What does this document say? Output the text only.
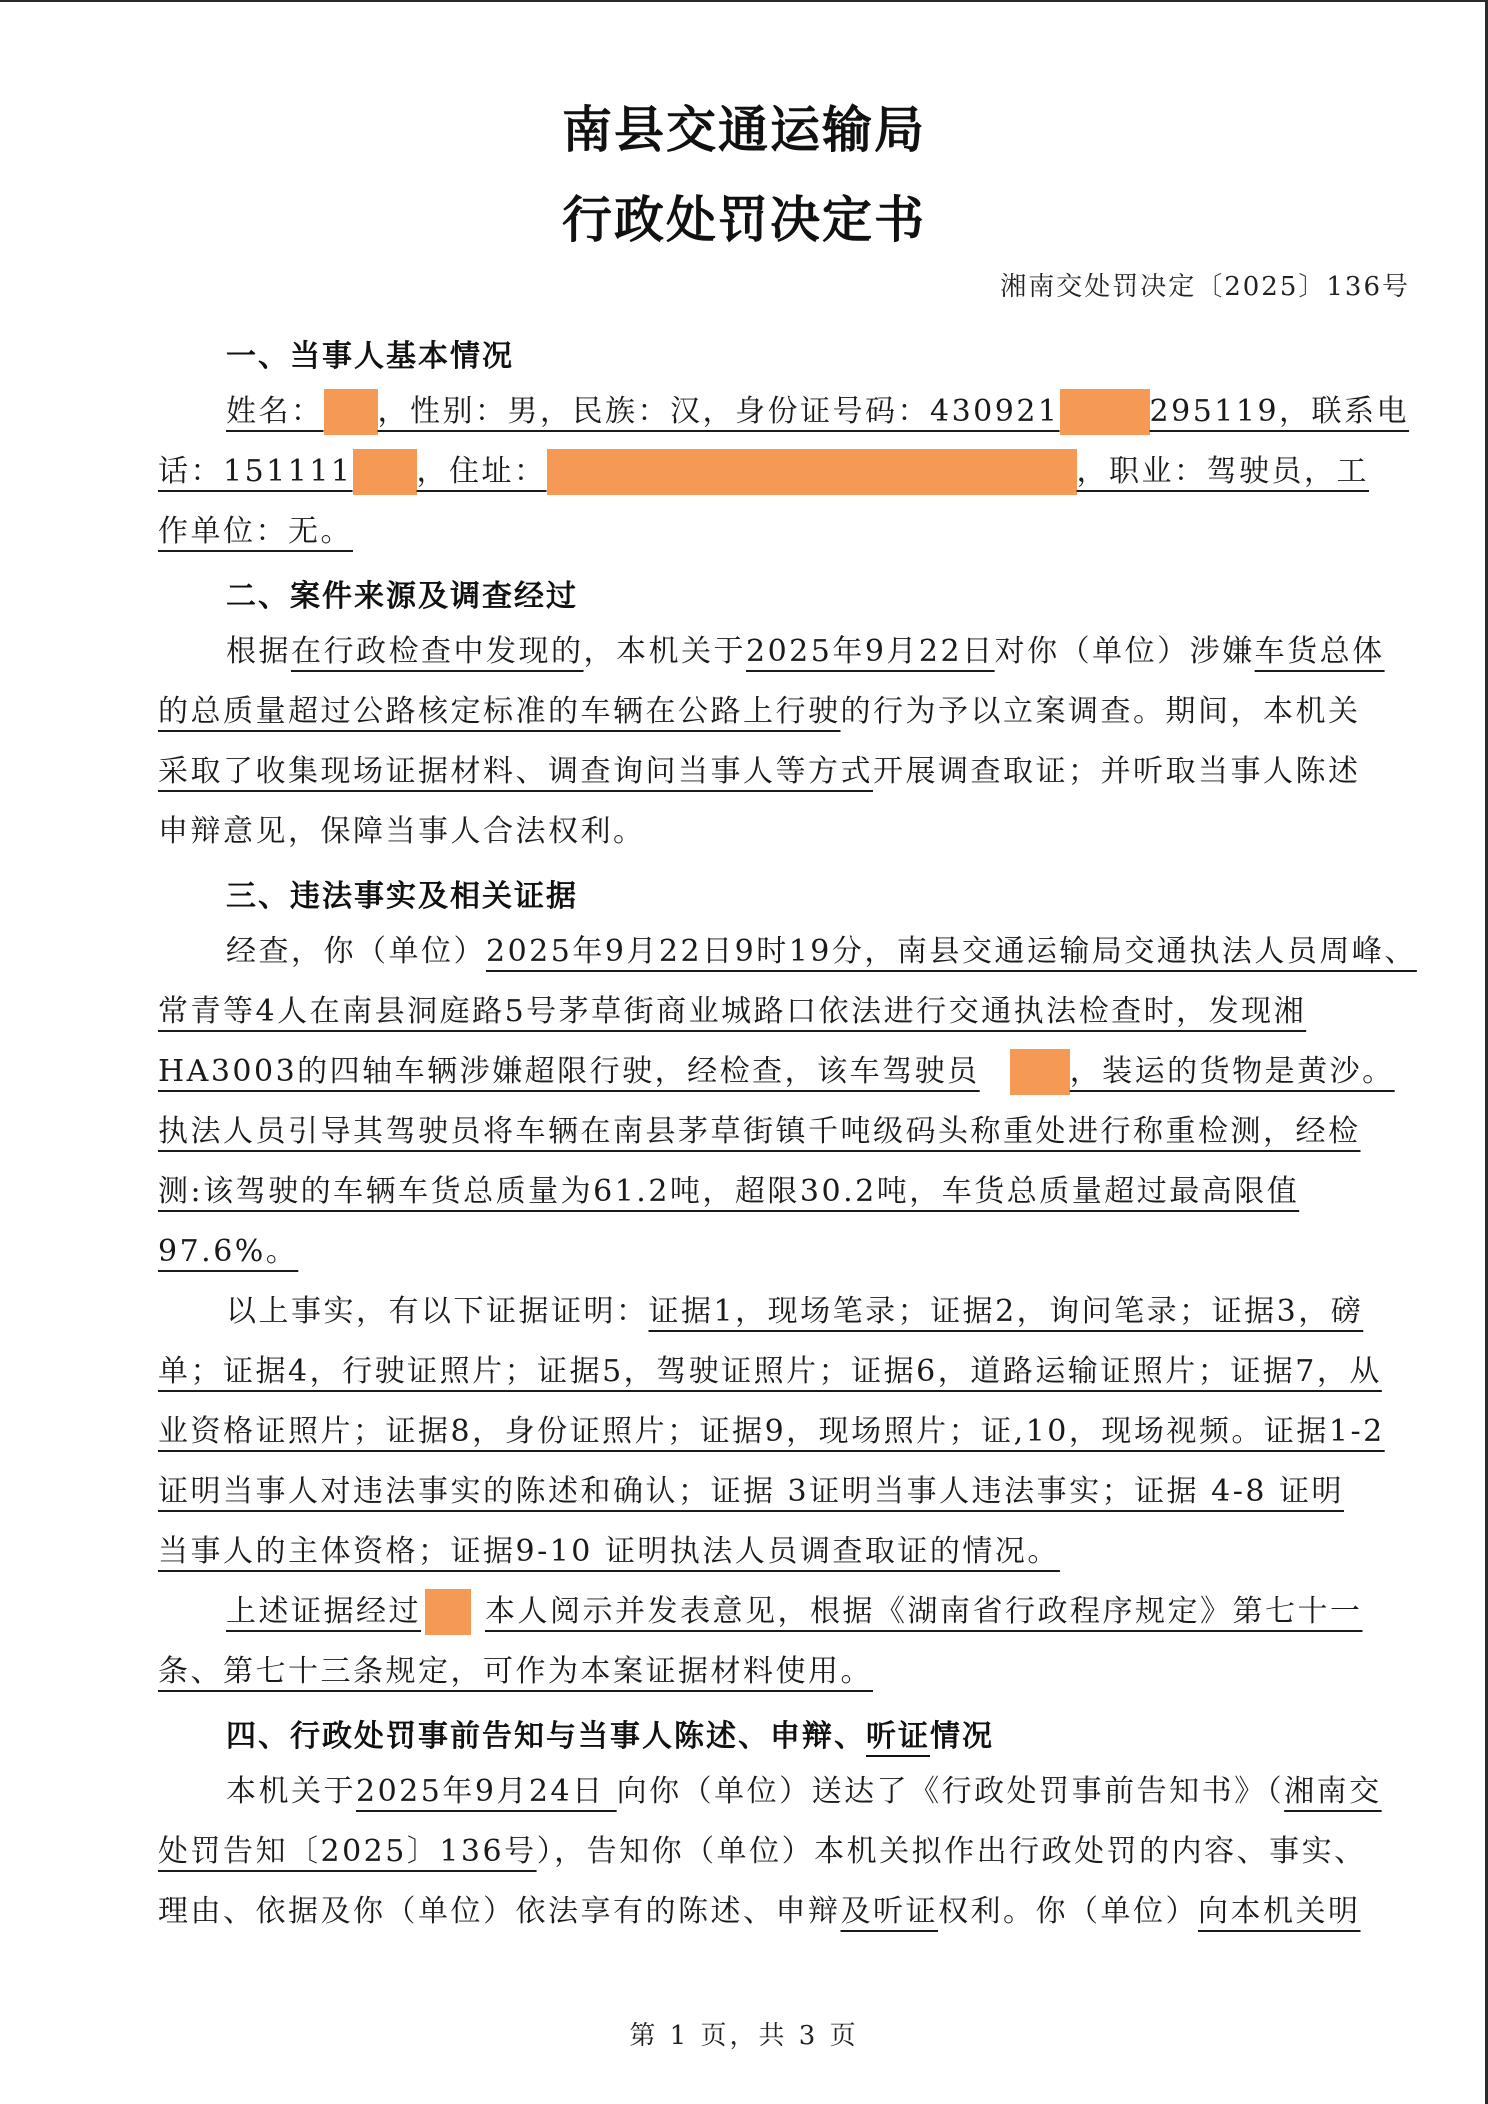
南县交通运输局
行政处罚决定书
湘南交处罚决定〔2025〕136号
一、当事人基本情况
姓名： ，性别：男，民族：汉，身份证号码：430921	295119，联系电
话：151111 ，住址：	，职业：驾驶员，工
作单位：无。
二、案件来源及调查经过
根据在行政检查中发现的，本机关于2025年9月22日对你（单位）涉嫌车货总体
的总质量超过公路核定标准的车辆在公路上行驶的行为予以立案调查。期间，本机关
采取了收集现场证据材料、调查询问当事人等方式开展调查取证；并听取当事人陈述
申辩意见，保障当事人合法权利。
三、违法事实及相关证据
经查，你（单位）2025年9月22日9时19分，南县交通运输局交通执法人员周峰、
常青等4人在南县洞庭路5号茅草街商业城路口依法进行交通执法检查时，发现湘
HA3003的四轴车辆涉嫌超限行驶，经检查，该车驾驶员	，装运的货物是黄沙。
执法人员引导其驾驶员将车辆在南县茅草街镇千吨级码头称重处进行称重检测，经检
测:该驾驶的车辆车货总质量为61.2吨，超限30.2吨，车货总质量超过最高限值
97.6%。
以上事实，有以下证据证明：证据1，现场笔录；证据2，询问笔录；证据3，磅
单；证据4，行驶证照片；证据5，驾驶证照片；证据6，道路运输证照片；证据7，从
业资格证照片；证据8，身份证照片；证据9，现场照片；证,10，现场视频。证据1-2
证明当事人对违法事实的陈述和确认；证据 3证明当事人违法事实；证据 4-8 证明
当事人的主体资格；证据9-10 证明执法人员调查取证的情况。
上述证据经过 本人阅示并发表意见，根据《湖南省行政程序规定》第七十一
条、第七十三条规定，可作为本案证据材料使用。
四、行政处罚事前告知与当事人陈述、申辩、听证情况
本机关于2025年9月24日 向你（单位）送达了《行政处罚事前告知书》（湘南交
处罚告知〔2025〕136号），告知你（单位）本机关拟作出行政处罚的内容、事实、
理由、依据及你（单位）依法享有的陈述、申辩及听证权利。你（单位）向本机关明
第 1 页，共 3 页
